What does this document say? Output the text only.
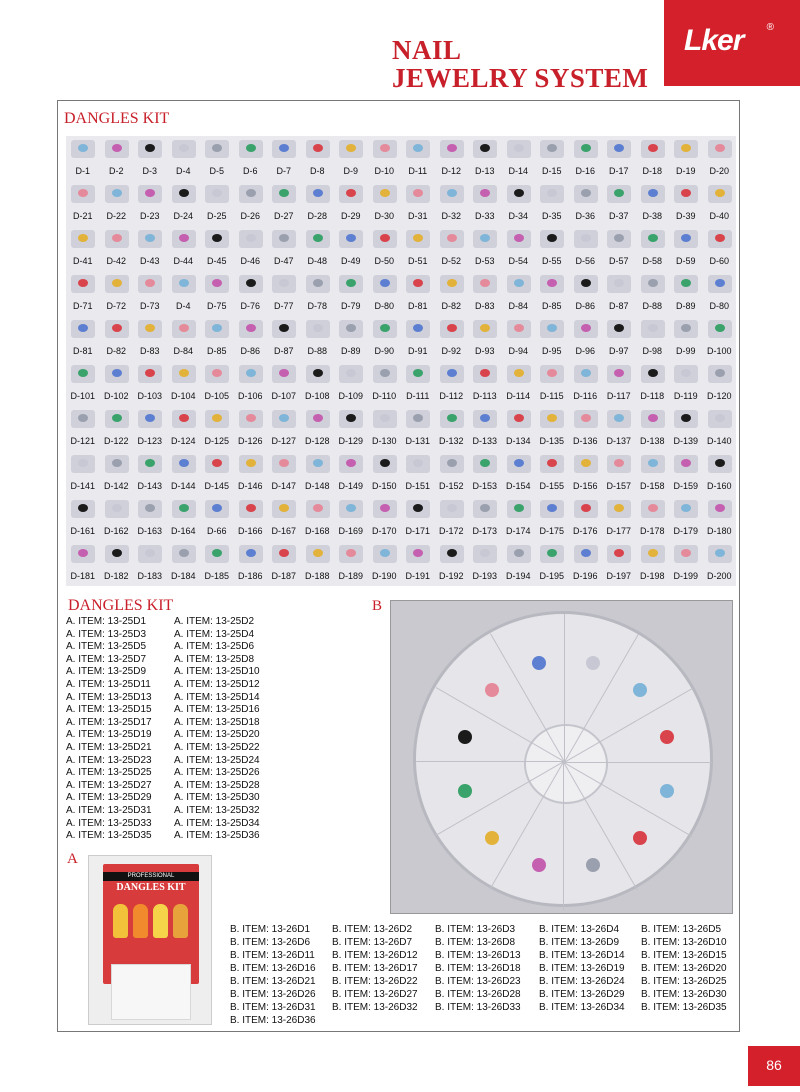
NAIL
JEWELRY SYSTEM
Lker ®
DANGLES KIT
D-1	D-2	D-3	D-4	D-5	D-6	D-7	D-8	D-9	D-10	D-11	D-12	D-13	D-14	D-15	D-16	D-17	D-18	D-19	D-20
D-21	D-22	D-23	D-24	D-25	D-26	D-27	D-28	D-29	D-30	D-31	D-32	D-33	D-34	D-35	D-36	D-37	D-38	D-39	D-40
D-41	D-42	D-43	D-44	D-45	D-46	D-47	D-48	D-49	D-50	D-51	D-52	D-53	D-54	D-55	D-56	D-57	D-58	D-59	D-60
D-71	D-72	D-73	D-4	D-75	D-76	D-77	D-78	D-79	D-80	D-81	D-82	D-83	D-84	D-85	D-86	D-87	D-88	D-89	D-80
D-81	D-82	D-83	D-84	D-85	D-86	D-87	D-88	D-89	D-90	D-91	D-92	D-93	D-94	D-95	D-96	D-97	D-98	D-99	D-100
D-101 D-102 D-103 D-104 D-105 D-106 D-107 D-108 D-109	D-110	D-111	D-112	D-113	D-114	D-115	D-116	D-117	D-118	D-119	D-120
D-121 D-122 D-123 D-124 D-125 D-126 D-127 D-128 D-129 D-130 D-131 D-132 D-133 D-134 D-135 D-136 D-137 D-138 D-139 D-140
D-141 D-142 D-143 D-144 D-145 D-146 D-147 D-148 D-149 D-150 D-151 D-152 D-153 D-154 D-155 D-156 D-157 D-158 D-159 D-160
D-161 D-162 D-163 D-164	D-66	D-166 D-167 D-168 D-169 D-170 D-171 D-172 D-173 D-174 D-175 D-176 D-177 D-178 D-179 D-180
D-181 D-182 D-183 D-184 D-185 D-186 D-187 D-188 D-189 D-190 D-191 D-192 D-193 D-194 D-195 D-196 D-197 D-198 D-199 D-200
DANGLES KIT
A. ITEM: 13-25D1	A. ITEM: 13-25D2
A. ITEM: 13-25D3	A. ITEM: 13-25D4
A. ITEM: 13-25D5	A. ITEM: 13-25D6
A. ITEM: 13-25D7	A. ITEM: 13-25D8
A. ITEM: 13-25D9	A. ITEM: 13-25D10
A. ITEM: 13-25D11 A. ITEM: 13-25D12
A. ITEM: 13-25D13 A. ITEM: 13-25D14
A. ITEM: 13-25D15 A. ITEM: 13-25D16
A. ITEM: 13-25D17 A. ITEM: 13-25D18
A. ITEM: 13-25D19 A. ITEM: 13-25D20
A. ITEM: 13-25D21 A. ITEM: 13-25D22
A. ITEM: 13-25D23 A. ITEM: 13-25D24
A. ITEM: 13-25D25 A. ITEM: 13-25D26
A. ITEM: 13-25D27 A. ITEM: 13-25D28
A. ITEM: 13-25D29 A. ITEM: 13-25D30
A. ITEM: 13-25D31 A. ITEM: 13-25D32
A. ITEM: 13-25D33 A. ITEM: 13-25D34
A. ITEM: 13-25D35 A. ITEM: 13-25D36
B
A
PROFESSIONAL
DANGLES KIT
B. ITEM: 13-26D1 B. ITEM: 13-26D2 B. ITEM: 13-26D3 B. ITEM: 13-26D4 B. ITEM: 13-26D5
B. ITEM: 13-26D6 B. ITEM: 13-26D7 B. ITEM: 13-26D8 B. ITEM: 13-26D9 B. ITEM: 13-26D10
B. ITEM: 13-26D11 B. ITEM: 13-26D12 B. ITEM: 13-26D13 B. ITEM: 13-26D14 B. ITEM: 13-26D15
B. ITEM: 13-26D16 B. ITEM: 13-26D17 B. ITEM: 13-26D18 B. ITEM: 13-26D19 B. ITEM: 13-26D20
B. ITEM: 13-26D21 B. ITEM: 13-26D22 B. ITEM: 13-26D23 B. ITEM: 13-26D24 B. ITEM: 13-26D25
B. ITEM: 13-26D26 B. ITEM: 13-26D27 B. ITEM: 13-26D28 B. ITEM: 13-26D29 B. ITEM: 13-26D30
B. ITEM: 13-26D31 B. ITEM: 13-26D32 B. ITEM: 13-26D33 B. ITEM: 13-26D34 B. ITEM: 13-26D35
B. ITEM: 13-26D36
86
